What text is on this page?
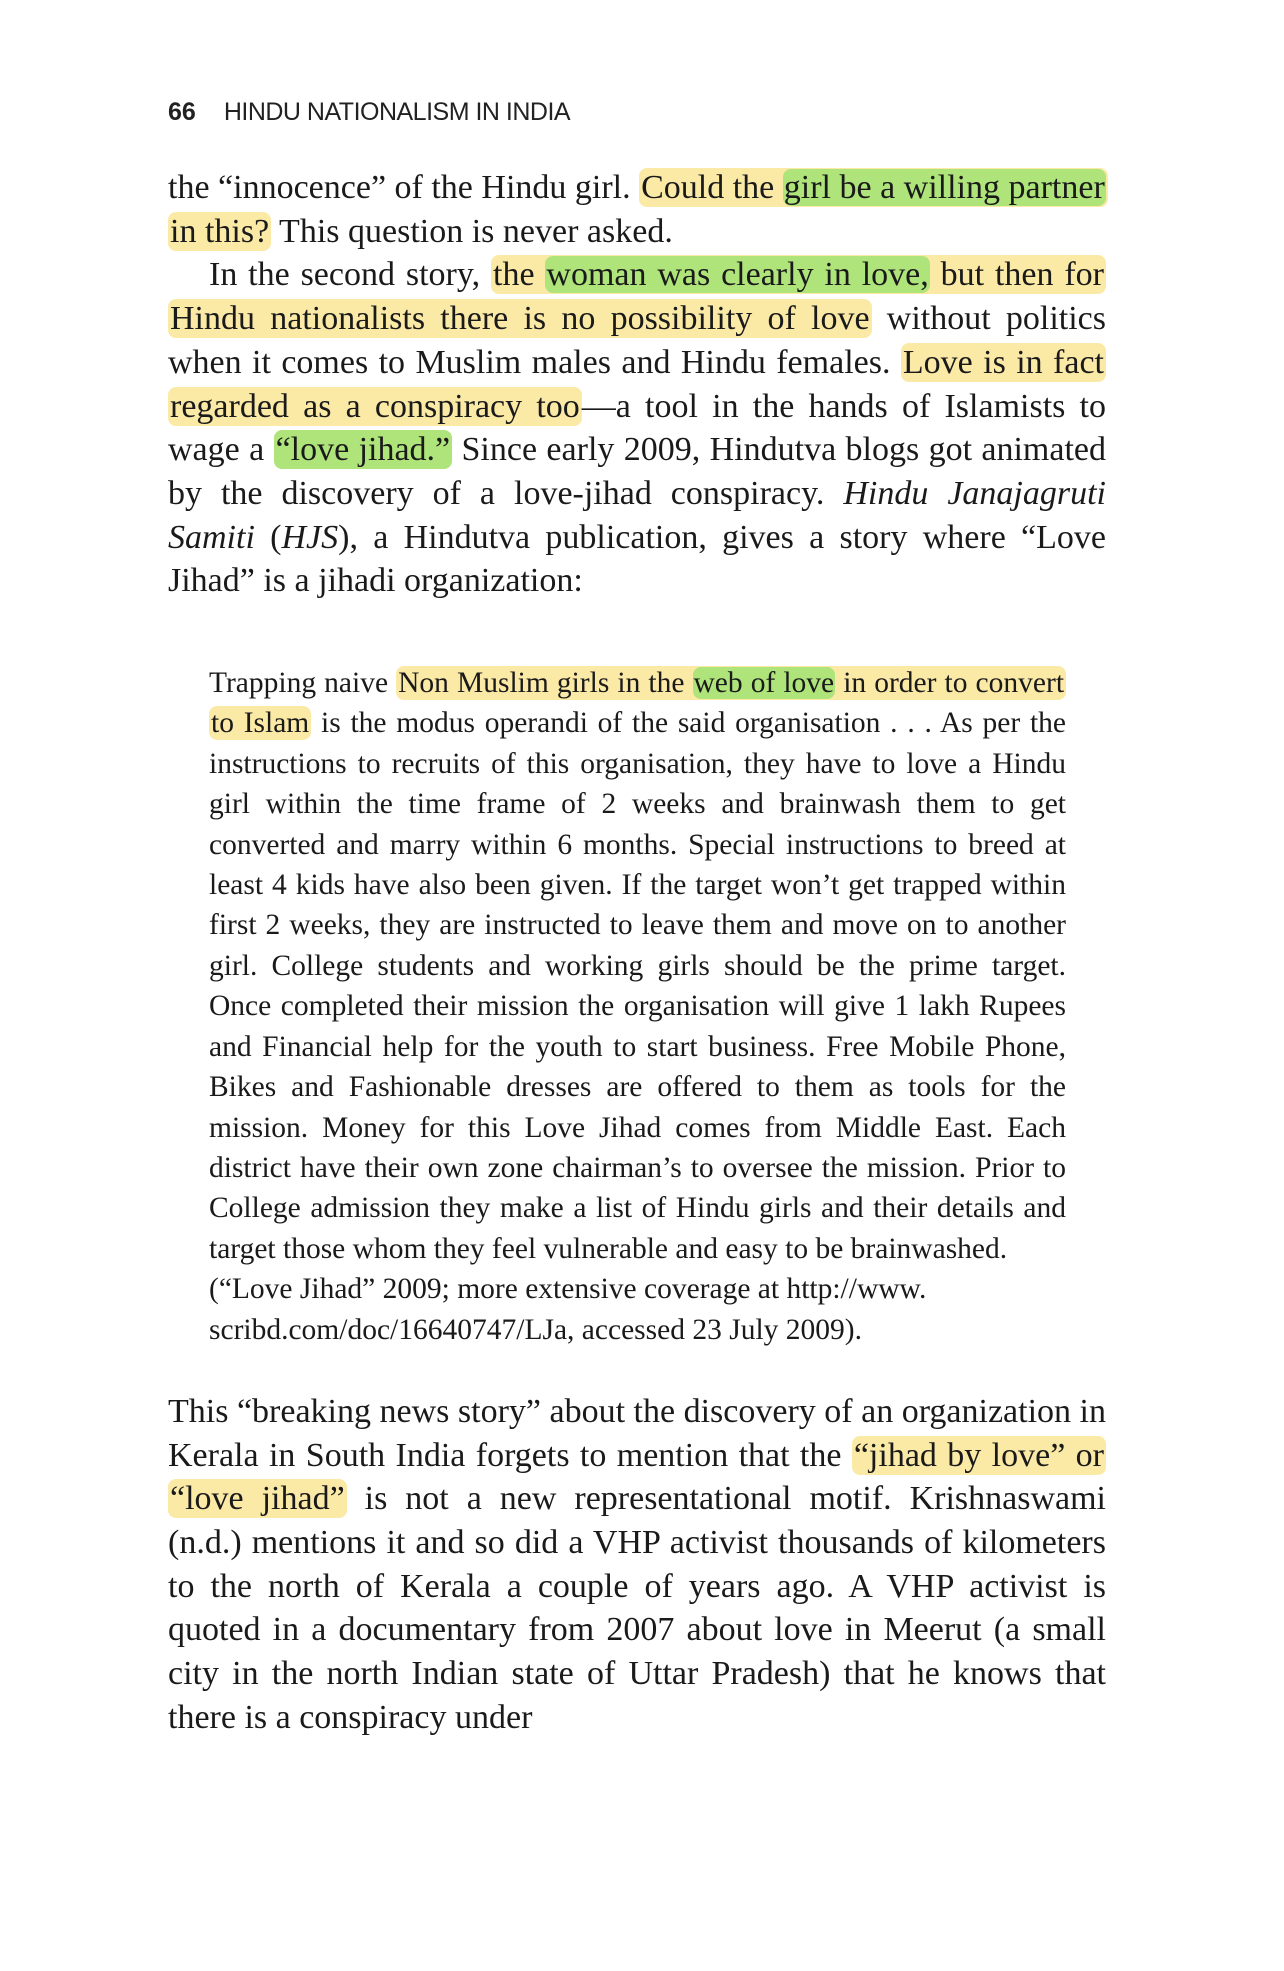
66 HINDU NATIONALISM IN INDIA

the “innocence” of the Hindu girl. Could the girl be a willing partner in this? This question is never asked.

In the second story, the woman was clearly in love, but then for Hindu nationalists there is no possibility of love without politics when it comes to Muslim males and Hindu females. Love is in fact regarded as a conspiracy too—a tool in the hands of Islamists to wage a “love jihad.” Since early 2009, Hindutva blogs got animated by the discovery of a love-jihad conspiracy. Hindu Janajagruti Samiti (HJS), a Hindutva publication, gives a story where “Love Jihad” is a jihadi organization:

Trapping naive Non Muslim girls in the web of love in order to convert to Islam is the modus operandi of the said organisation . . . As per the instructions to recruits of this organisation, they have to love a Hindu girl within the time frame of 2 weeks and brainwash them to get converted and marry within 6 months. Special instructions to breed at least 4 kids have also been given. If the target won’t get trapped within first 2 weeks, they are instructed to leave them and move on to another girl. College students and working girls should be the prime target. Once completed their mission the organisation will give 1 lakh Rupees and Financial help for the youth to start business. Free Mobile Phone, Bikes and Fashionable dresses are offered to them as tools for the mission. Money for this Love Jihad comes from Middle East. Each district have their own zone chairman’s to oversee the mission. Prior to College admission they make a list of Hindu girls and their details and target those whom they feel vulnerable and easy to be brainwashed.

(“Love Jihad” 2009; more extensive coverage at http://www.
scribd.com/doc/16640747/LJa, accessed 23 July 2009).

This “breaking news story” about the discovery of an organization in Kerala in South India forgets to mention that the “jihad by love” or “love jihad” is not a new representational motif. Krishnaswami (n.d.) mentions it and so did a VHP activist thousands of kilometers to the north of Kerala a couple of years ago. A VHP activist is quoted in a documentary from 2007 about love in Meerut (a small city in the north Indian state of Uttar Pradesh) that he knows that there is a conspiracy under
